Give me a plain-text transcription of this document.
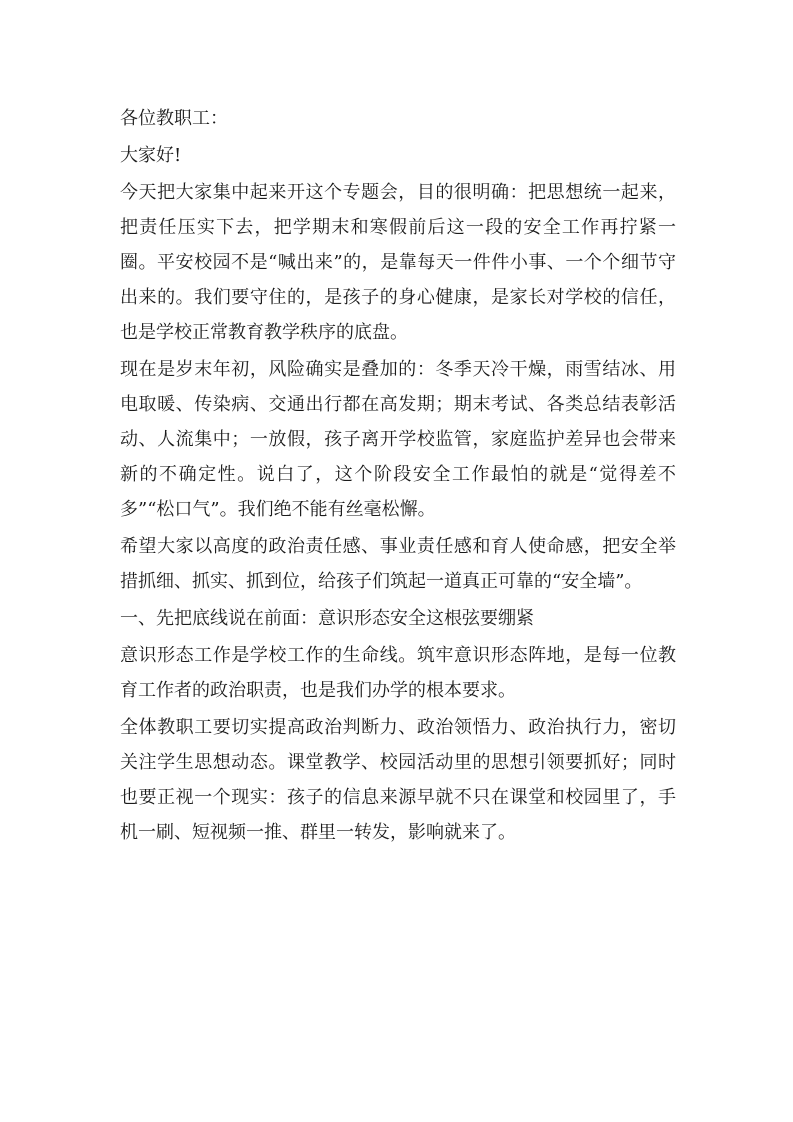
各位教职工：

大家好!

今天把大家集中起来开这个专题会，目的很明确：把思想统一起来，把责任压实下去，把学期末和寒假前后这一段的安全工作再拧紧一圈。平安校园不是“喊出来”的，是靠每天一件件小事、一个个细节守出来的。我们要守住的，是孩子的身心健康，是家长对学校的信任，也是学校正常教育教学秩序的底盘。

现在是岁末年初，风险确实是叠加的：冬季天冷干燥，雨雪结冰、用电取暖、传染病、交通出行都在高发期；期末考试、各类总结表彰活动、人流集中；一放假，孩子离开学校监管，家庭监护差异也会带来新的不确定性。说白了，这个阶段安全工作最怕的就是“觉得差不多”“松口气”。我们绝不能有丝毫松懈。

希望大家以高度的政治责任感、事业责任感和育人使命感，把安全举措抓细、抓实、抓到位，给孩子们筑起一道真正可靠的“安全墙”。

一、先把底线说在前面：意识形态安全这根弦要绷紧

意识形态工作是学校工作的生命线。筑牢意识形态阵地，是每一位教育工作者的政治职责，也是我们办学的根本要求。

全体教职工要切实提高政治判断力、政治领悟力、政治执行力，密切关注学生思想动态。课堂教学、校园活动里的思想引领要抓好；同时也要正视一个现实：孩子的信息来源早就不只在课堂和校园里了，手机一刷、短视频一推、群里一转发，影响就来了。
